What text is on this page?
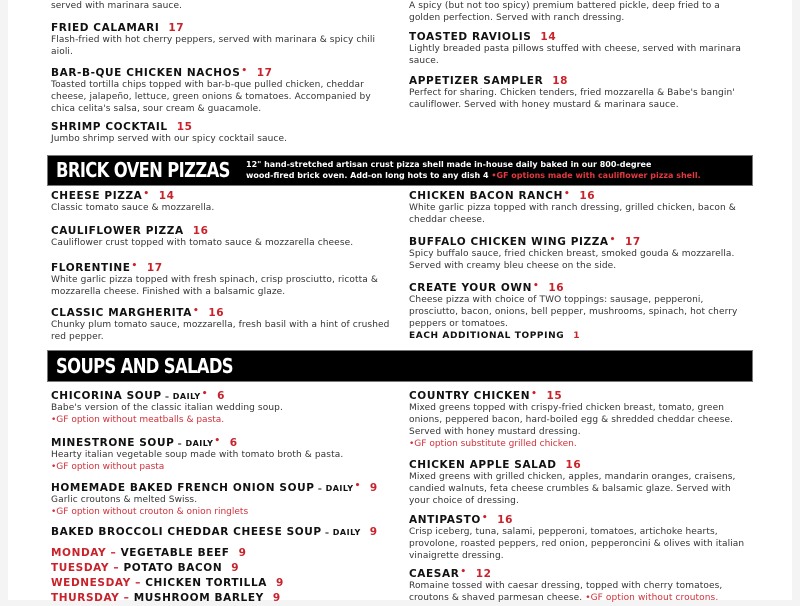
served with marinara sauce.
FRIED CALAMARI 17
Flash-fried with hot cherry peppers, served with marinara & spicy chili aioli.
BAR-B-QUE CHICKEN NACHOS• 17
Toasted tortilla chips topped with bar-b-que pulled chicken, cheddar cheese, jalapeño, lettuce, green onions & tomatoes. Accompanied by chica celita's salsa, sour cream & guacamole.
SHRIMP COCKTAIL 15
Jumbo shrimp served with our spicy cocktail sauce.
A spicy (but not too spicy) premium battered pickle, deep fried to a golden perfection. Served with ranch dressing.
TOASTED RAVIOLIS 14
Lightly breaded pasta pillows stuffed with cheese, served with marinara sauce.
APPETIZER SAMPLER 18
Perfect for sharing. Chicken tenders, fried mozzarella & Babe's bangin' cauliflower. Served with honey mustard & marinara sauce.
BRICK OVEN PIZZAS 12" hand-stretched artisan crust pizza shell made in-house daily baked in our 800-degree
wood-fired brick oven. Add-on long hots to any dish 4 •GF options made with cauliflower pizza shell.
CHEESE PIZZA• 14
Classic tomato sauce & mozzarella.
CAULIFLOWER PIZZA 16
Cauliflower crust topped with tomato sauce & mozzarella cheese.
FLORENTINE• 17
White garlic pizza topped with fresh spinach, crisp prosciutto, ricotta & mozzarella cheese. Finished with a balsamic glaze.
CLASSIC MARGHERITA• 16
Chunky plum tomato sauce, mozzarella, fresh basil with a hint of crushed red pepper.
CHICKEN BACON RANCH• 16
White garlic pizza topped with ranch dressing, grilled chicken, bacon & cheddar cheese.
BUFFALO CHICKEN WING PIZZA• 17
Spicy buffalo sauce, fried chicken breast, smoked gouda & mozzarella. Served with creamy bleu cheese on the side.
CREATE YOUR OWN• 16
Cheese pizza with choice of TWO toppings: sausage, pepperoni, prosciutto, bacon, onions, bell pepper, mushrooms, spinach, hot cherry peppers or tomatoes.
EACH ADDITIONAL TOPPING 1
SOUPS AND SALADS
CHICORINA SOUP – DAILY• 6
Babe's version of the classic italian wedding soup.
•GF option without meatballs & pasta.
MINESTRONE SOUP – DAILY• 6
Hearty italian vegetable soup made with tomato broth & pasta.
•GF option without pasta
HOMEMADE BAKED FRENCH ONION SOUP – DAILY• 9
Garlic croutons & melted Swiss.
•GF option without crouton & onion ringlets
BAKED BROCCOLI CHEDDAR CHEESE SOUP – DAILY 9
MONDAY – VEGETABLE BEEF 9
TUESDAY – POTATO BACON 9
WEDNESDAY – CHICKEN TORTILLA 9
THURSDAY – MUSHROOM BARLEY 9
COUNTRY CHICKEN• 15
Mixed greens topped with crispy-fried chicken breast, tomato, green onions, peppered bacon, hard-boiled egg & shredded cheddar cheese. Served with honey mustard dressing.
•GF option substitute grilled chicken.
CHICKEN APPLE SALAD 16
Mixed greens with grilled chicken, apples, mandarin oranges, craisens, candied walnuts, feta cheese crumbles & balsamic glaze. Served with your choice of dressing.
ANTIPASTO• 16
Crisp iceberg, tuna, salami, pepperoni, tomatoes, artichoke hearts, provolone, roasted peppers, red onion, pepperoncini & olives with italian vinaigrette dressing.
CAESAR• 12
Romaine tossed with caesar dressing, topped with cherry tomatoes, croutons & shaved parmesan cheese. •GF option without croutons.
